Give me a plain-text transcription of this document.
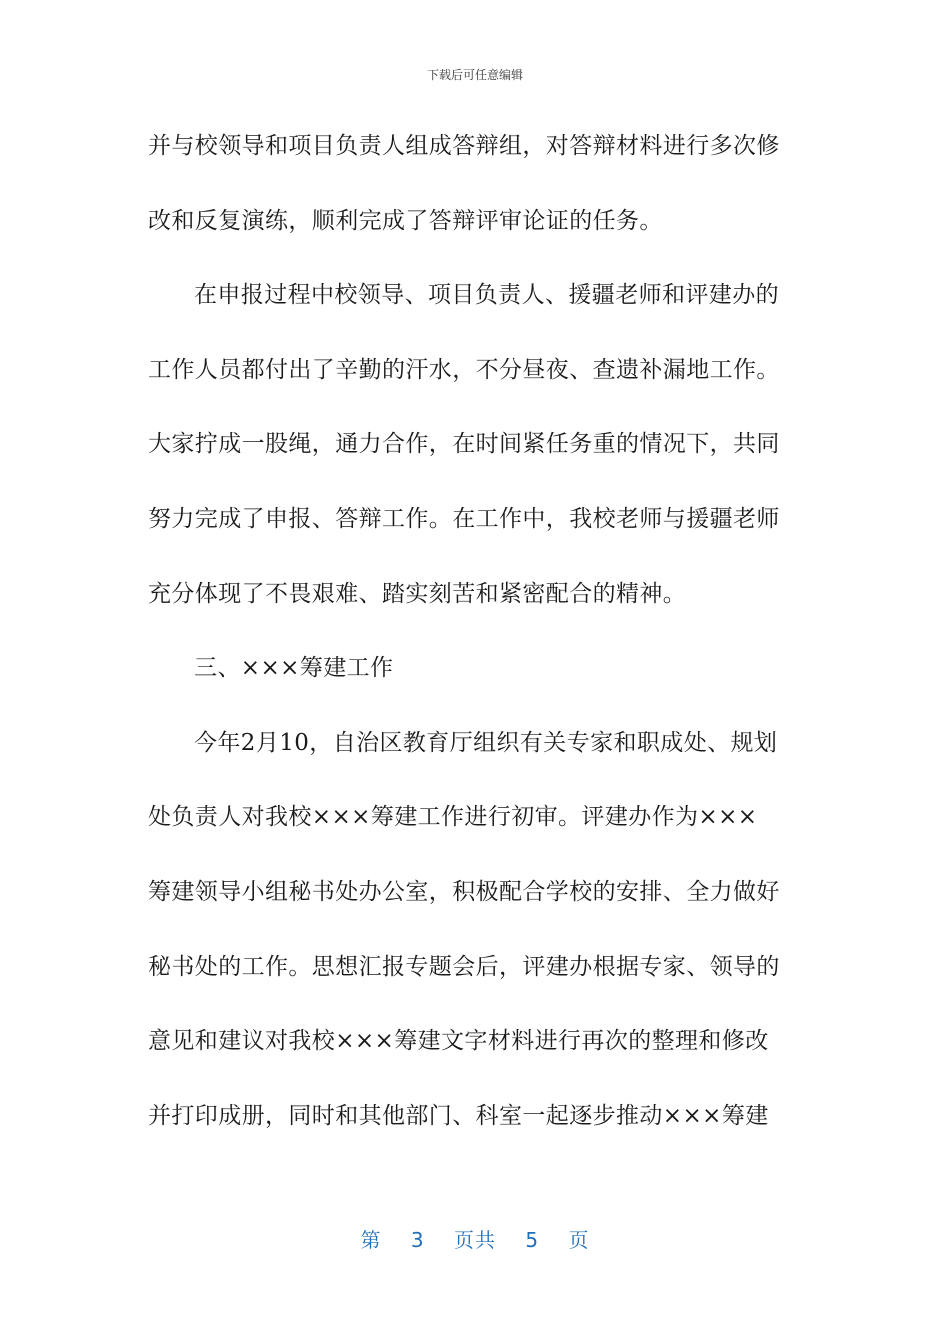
下载后可任意编辑
并与校领导和项目负责人组成答辩组，对答辩材料进行多次修
改和反复演练，顺利完成了答辩评审论证的任务。
在申报过程中校领导、项目负责人、援疆老师和评建办的
工作人员都付出了辛勤的汗水，不分昼夜、查遗补漏地工作。
大家拧成一股绳，通力合作，在时间紧任务重的情况下，共同
努力完成了申报、答辩工作。在工作中，我校老师与援疆老师
充分体现了不畏艰难、踏实刻苦和紧密配合的精神。
三、×××筹建工作
今年2月10，自治区教育厅组织有关专家和职成处、规划
处负责人对我校×××筹建工作进行初审。评建办作为×××
筹建领导小组秘书处办公室，积极配合学校的安排、全力做好
秘书处的工作。思想汇报专题会后，评建办根据专家、领导的
意见和建议对我校×××筹建文字材料进行再次的整理和修改
并打印成册，同时和其他部门、科室一起逐步推动×××筹建
第 3 页共 5 页
